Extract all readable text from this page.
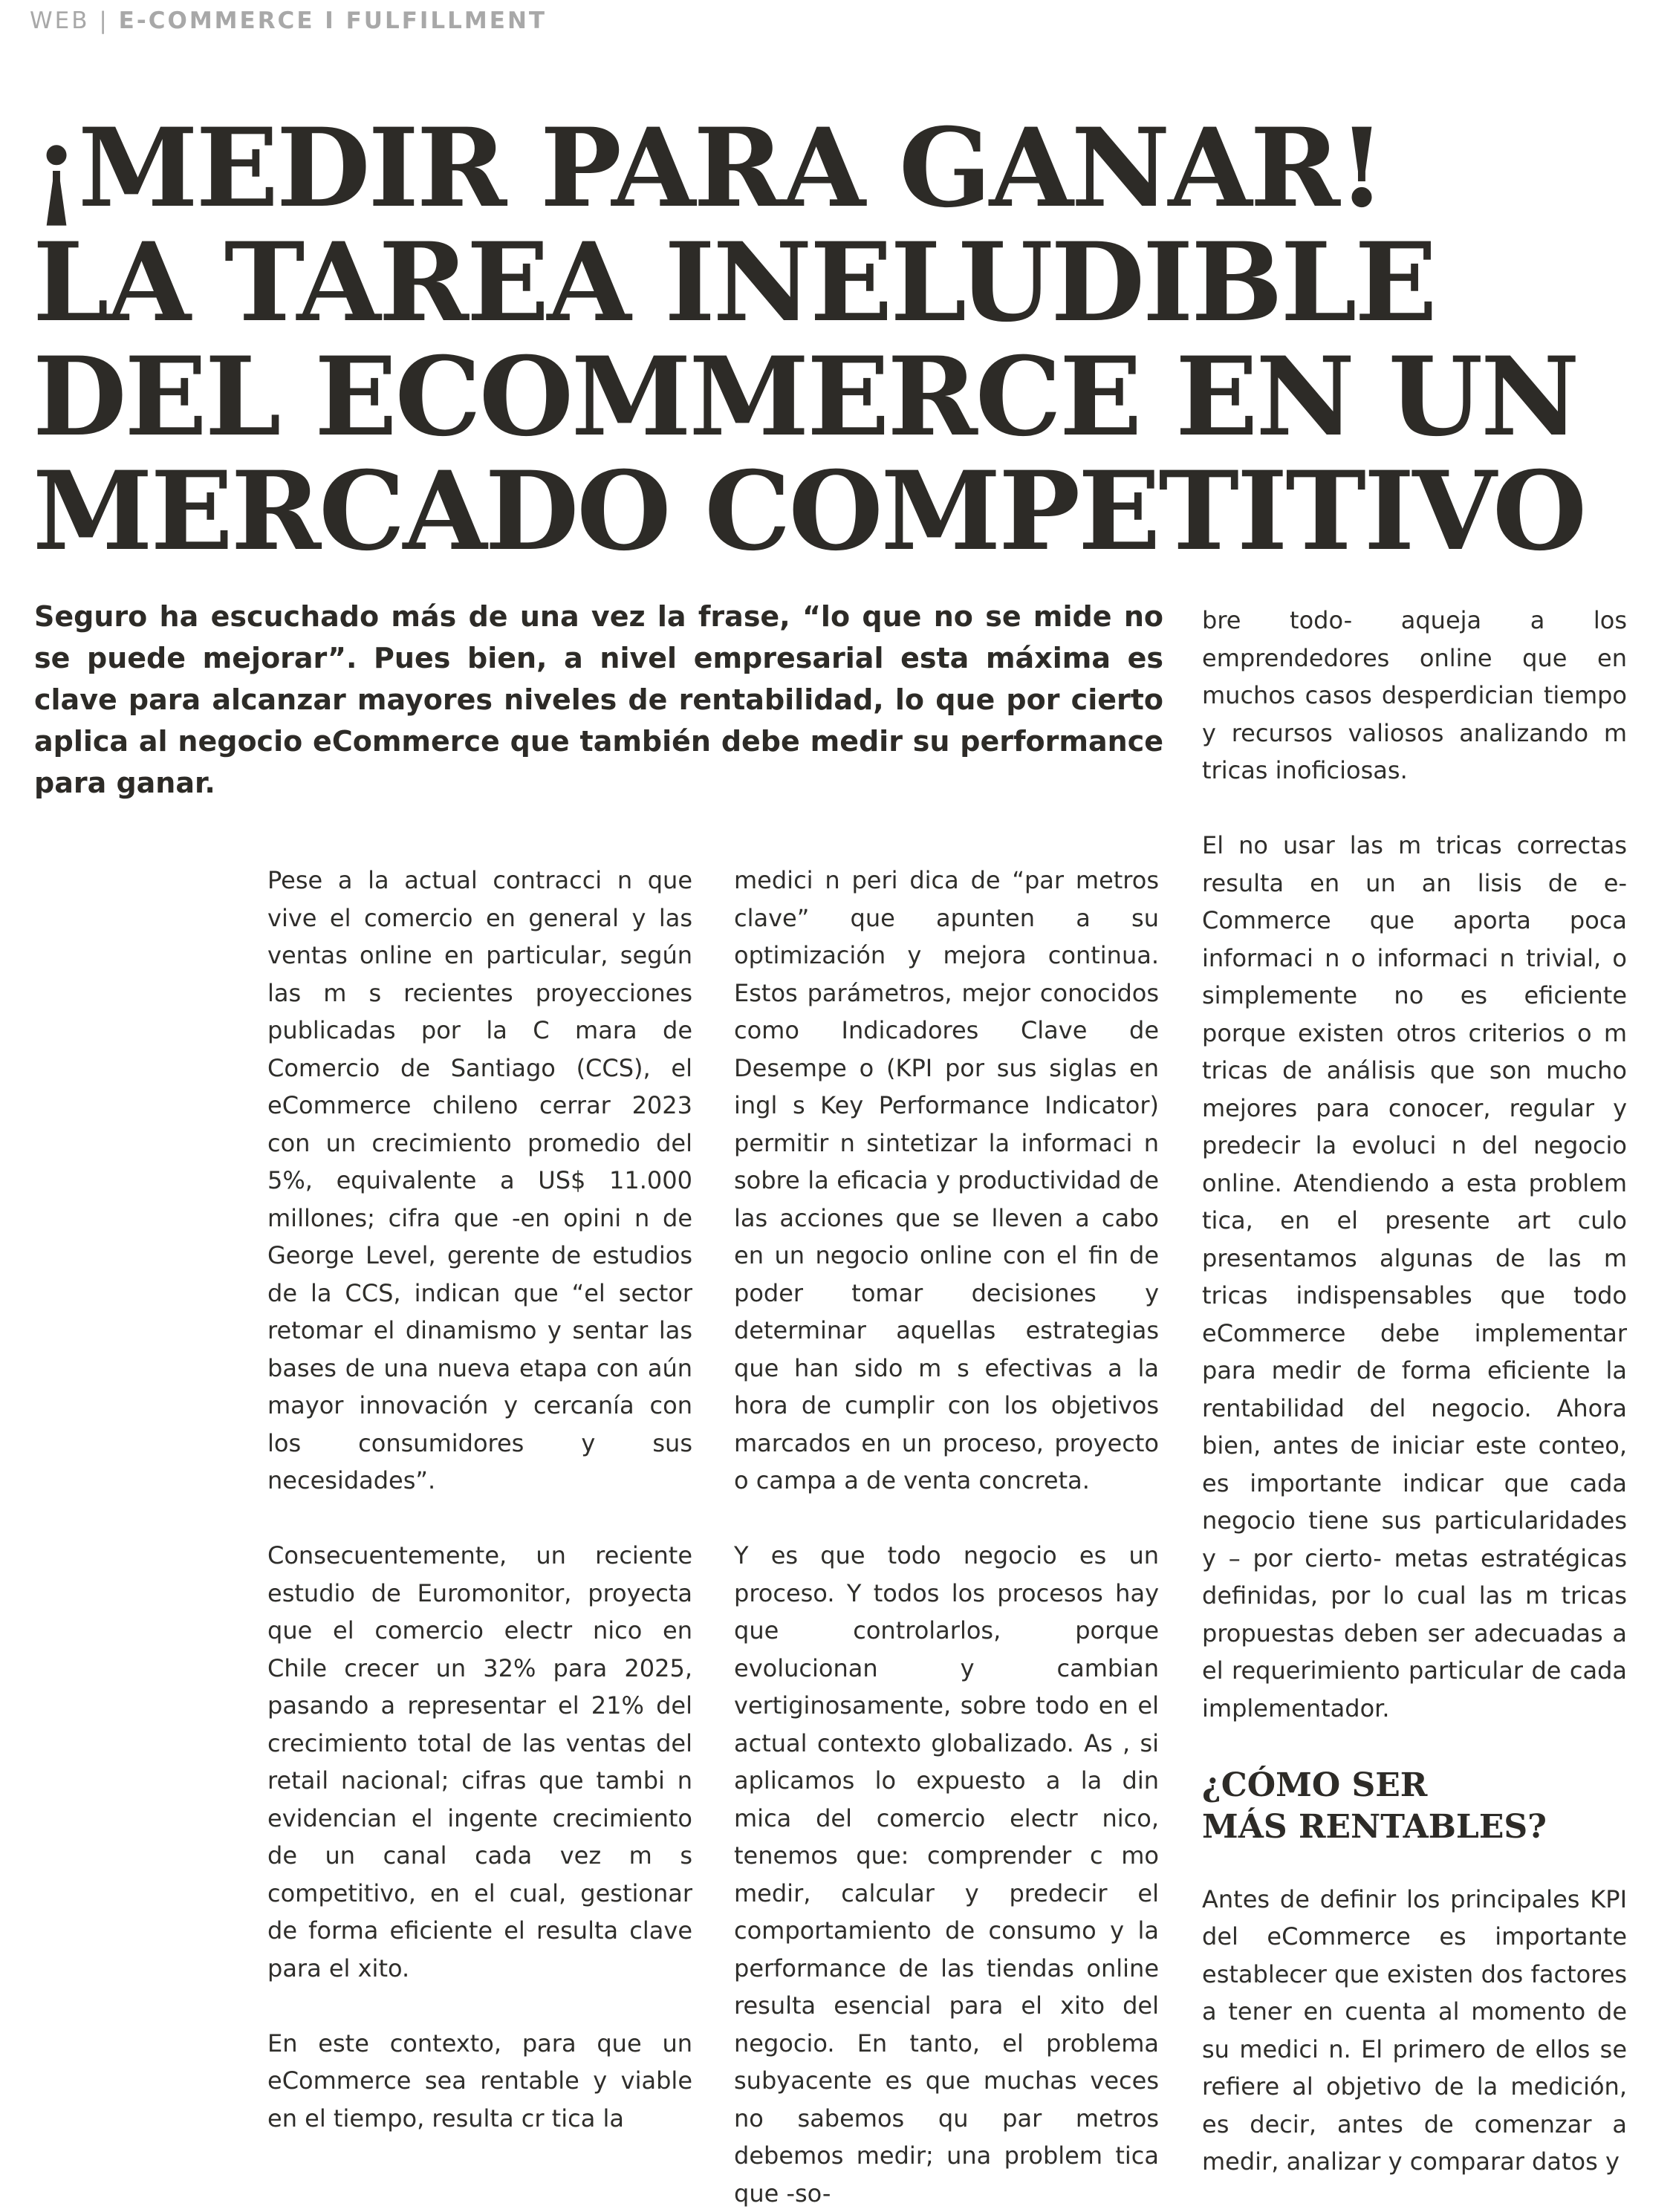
WEB | E-COMMERCE I FULFILLMENT
¡MEDIR PARA GANAR!
LA TAREA INELUDIBLE
DEL ECOMMERCE EN UN
MERCADO COMPETITIVO

Seguro ha escuchado más de una vez la frase, “lo que no se mide no se puede mejorar”. Pues bien, a nivel empresarial esta máxima es clave para alcanzar mayores niveles de rentabilidad, lo que por cierto aplica al negocio eCommerce que también debe medir su performance para ganar.

Pese a la actual contracci n que vive el comercio en general y las ventas online en particular, según las m s recientes proyecciones publicadas por la C mara de Comercio de Santiago (CCS), el eCommerce chileno cerrar 2023 con un crecimiento promedio del 5%, equivalente a US$ 11.000 millones; cifra que -en opini n de George Level, gerente de estudios de la CCS, indican que “el sector retomar el dinamismo y sentar las bases de una nueva etapa con aún mayor innovación y cercanía con los consumidores y sus necesidades”.

Consecuentemente, un reciente estudio de Euromonitor, proyecta que el comercio electr nico en Chile crecer un 32% para 2025, pasando a representar el 21% del crecimiento total de las ventas del retail nacional; cifras que tambi n evidencian el ingente crecimiento de un canal cada vez m s competitivo, en el cual, gestionar de forma eficiente el resulta clave para el xito.

En este contexto, para que un eCommerce sea rentable y viable en el tiempo, resulta cr tica la

medici n peri dica de “par metros clave” que apunten a su optimización y mejora continua. Estos parámetros, mejor conocidos como Indicadores Clave de Desempe o (KPI por sus siglas en ingl s Key Performance Indicator) permitir n sintetizar la informaci n sobre la eficacia y productividad de las acciones que se lleven a cabo en un negocio online con el fin de poder tomar decisiones y determinar aquellas estrategias que han sido m s efectivas a la hora de cumplir con los objetivos marcados en un proceso, proyecto o campa a de venta concreta.

Y es que todo negocio es un proceso. Y todos los procesos hay que controlarlos, porque evolucionan y cambian vertiginosamente, sobre todo en el actual contexto globalizado. As , si aplicamos lo expuesto a la din mica del comercio electr nico, tenemos que: comprender c mo medir, calcular y predecir el comportamiento de consumo y la performance de las tiendas online resulta esencial para el xito del negocio. En tanto, el problema subyacente es que muchas veces no sabemos qu par metros debemos medir; una problem tica que -so-

bre todo- aqueja a los emprendedores online que en muchos casos desperdician tiempo y recursos valiosos analizando m tricas inoficiosas.

El no usar las m tricas correctas resulta en un an lisis de e-Commerce que aporta poca informaci n o informaci n trivial, o simplemente no es eficiente porque existen otros criterios o m tricas de análisis que son mucho mejores para conocer, regular y predecir la evoluci n del negocio online. Atendiendo a esta problem tica, en el presente art culo presentamos algunas de las m tricas indispensables que todo eCommerce debe implementar para medir de forma eficiente la rentabilidad del negocio. Ahora bien, antes de iniciar este conteo, es importante indicar que cada negocio tiene sus particularidades y – por cierto- metas estratégicas definidas, por lo cual las m tricas propuestas deben ser adecuadas a el requerimiento particular de cada implementador.

¿CÓMO SER
MÁS RENTABLES?

Antes de definir los principales KPI del eCommerce es importante establecer que existen dos factores a tener en cuenta al momento de su medici n. El primero de ellos se refiere al objetivo de la medición, es decir, antes de comenzar a medir, analizar y comparar datos y
